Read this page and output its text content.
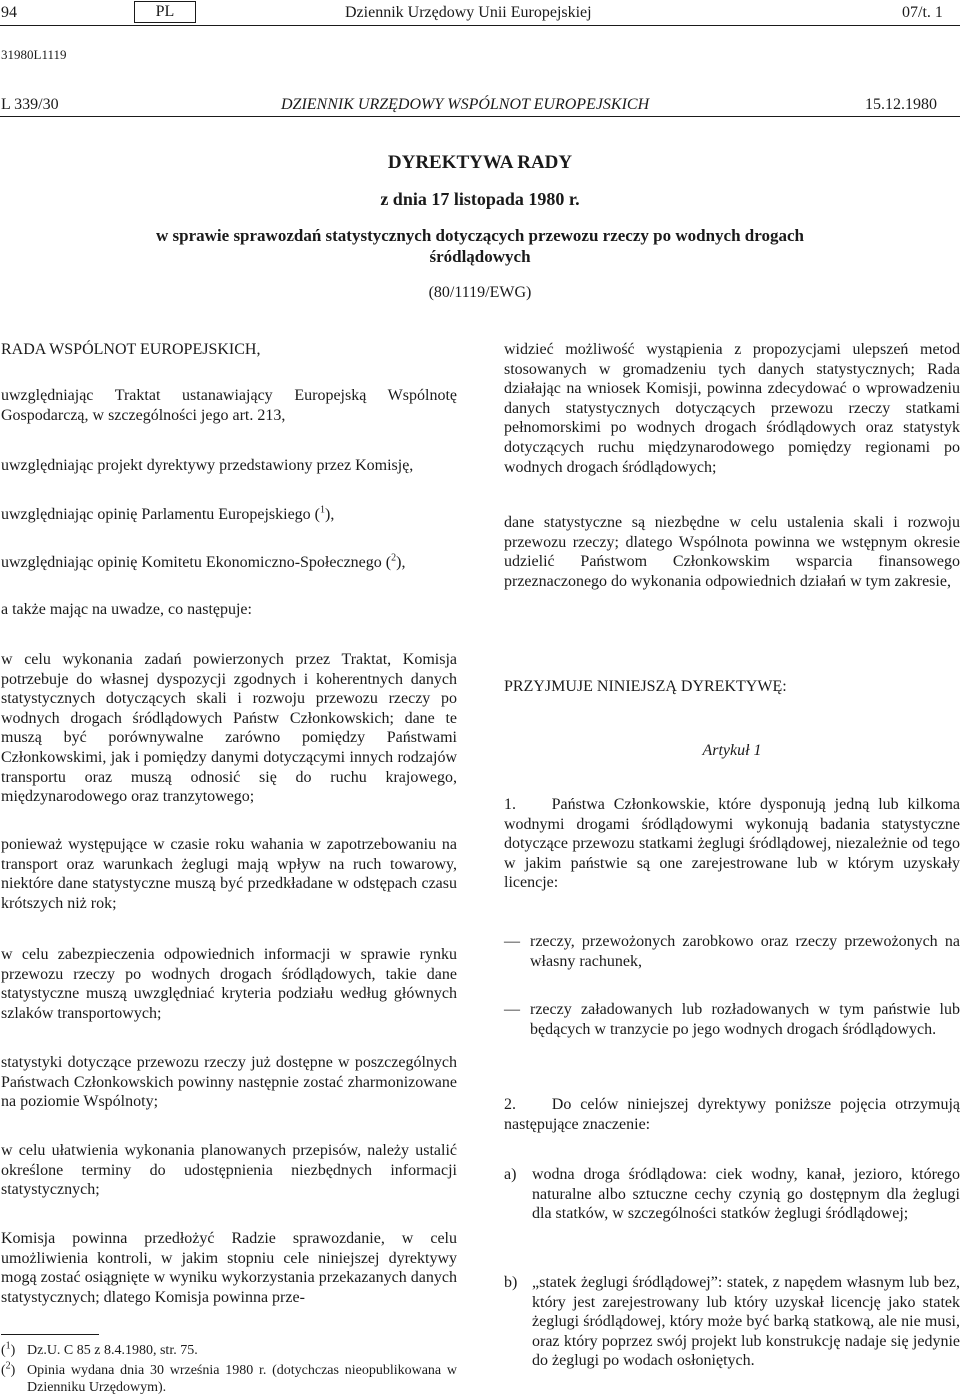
94	PL	Dziennik Urzędowy Unii Europejskiej	07/t. 1
31980L1119
L 339/30	DZIENNIK URZĘDOWY WSPÓLNOT EUROPEJSKICH	15.12.1980
DYREKTYWA RADY
z dnia 17 listopada 1980 r.
w sprawie sprawozdań statystycznych dotyczących przewozu rzeczy po wodnych drogach
śródlądowych
(80/1119/EWG)

RADA WSPÓLNOT EUROPEJSKICH,

uwzględniając Traktat ustanawiający Europejską Wspólnotę Gospodarczą, w szczególności jego art. 213,

uwzględniając projekt dyrektywy przedstawiony przez Komisję,

uwzględniając opinię Parlamentu Europejskiego ($^1$),

uwzględniając opinię Komitetu Ekonomiczno-Społecznego ($^2$),

a także mając na uwadze, co następuje:

w celu wykonania zadań powierzonych przez Traktat, Komisja potrzebuje do własnej dyspozycji zgodnych i koherentnych danych statystycznych dotyczących skali i rozwoju przewozu rzeczy po wodnych drogach śródlądowych Państw Członkowskich; dane te muszą być porównywalne zarówno pomiędzy Państwami Członkowskimi, jak i pomiędzy danymi dotyczącymi innych rodzajów transportu oraz muszą odnosić się do ruchu krajowego, międzynarodowego oraz tranzytowego;

ponieważ występujące w czasie roku wahania w zapotrzebowaniu na transport oraz warunkach żeglugi mają wpływ na ruch towarowy, niektóre dane statystyczne muszą być przedkładane w odstępach czasu krótszych niż rok;

w celu zabezpieczenia odpowiednich informacji w sprawie rynku przewozu rzeczy po wodnych drogach śródlądowych, takie dane statystyczne muszą uwzględniać kryteria podziału według głównych szlaków transportowych;

statystyki dotyczące przewozu rzeczy już dostępne w poszczególnych Państwach Członkowskich powinny następnie zostać zharmonizowane na poziomie Wspólnoty;

w celu ułatwienia wykonania planowanych przepisów, należy ustalić określone terminy do udostępnienia niezbędnych informacji statystycznych;

Komisja powinna przedłożyć Radzie sprawozdanie, w celu umożliwienia kontroli, w jakim stopniu cele niniejszej dyrektywy mogą zostać osiągnięte w wyniku wykorzystania przekazanych danych statystycznych; dlatego Komisja powinna prze-

($^1$) Dz.U. C 85 z 8.4.1980, str. 75.
($^2$) Opinia wydana dnia 30 września 1980 r. (dotychczas nieopublikowana w Dzienniku Urzędowym).

widzieć możliwość wystąpienia z propozycjami ulepszeń metod stosowanych w gromadzeniu tych danych statystycznych; Rada działając na wniosek Komisji, powinna zdecydować o wprowadzeniu danych statystycznych dotyczących przewozu rzeczy statkami pełnomorskimi po wodnych drogach śródlądowych oraz statystyk dotyczących ruchu międzynarodowego pomiędzy regionami po wodnych drogach śródlądowych;

dane statystyczne są niezbędne w celu ustalenia skali i rozwoju przewozu rzeczy; dlatego Wspólnota powinna we wstępnym okresie udzielić Państwom Członkowskim wsparcia finansowego przeznaczonego do wykonania odpowiednich działań w tym zakresie,

PRZYJMUJE NINIEJSZĄ DYREKTYWĘ:

Artykuł 1

1. Państwa Członkowskie, które dysponują jedną lub kilkoma wodnymi drogami śródlądowymi wykonują badania statystyczne dotyczące przewozu statkami żeglugi śródlądowej, niezależnie od tego w jakim państwie są one zarejestrowane lub w którym uzyskały licencje:
— rzeczy, przewożonych zarobkowo oraz rzeczy przewożonych na własny rachunek,
— rzeczy załadowanych lub rozładowanych w tym państwie lub będących w tranzycie po jego wodnych drogach śródlądowych.
2. Do celów niniejszej dyrektywy poniższe pojęcia otrzymują następujące znaczenie:
a) wodna droga śródlądowa: ciek wodny, kanał, jezioro, którego naturalne albo sztuczne cechy czynią go dostępnym dla żeglugi dla statków, w szczególności statków żeglugi śródlądowej;
b) „statek żeglugi śródlądowej”: statek, z napędem własnym lub bez, który jest zarejestrowany lub który uzyskał licencję jako statek żeglugi śródlądowej, który może być barką statkową, ale nie musi, oraz który poprzez swój projekt lub konstrukcję nadaje się jedynie do żeglugi po wodach osłoniętych.
